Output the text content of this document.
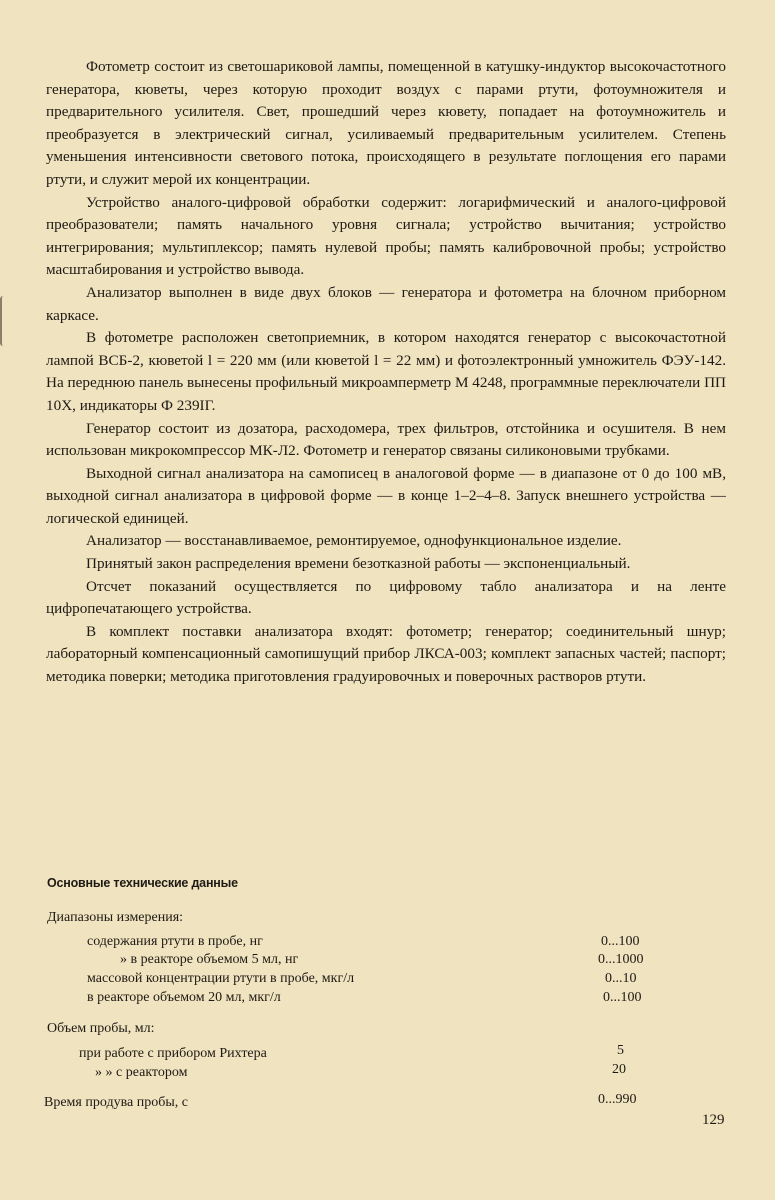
Фотометр состоит из светошариковой лампы, помещенной в катушку-индуктор высокочастотного генератора, кюветы, через которую проходит воздух с парами ртути, фотоумножителя и предварительного усилителя. Свет, прошедший через кювету, попадает на фотоумножитель и преобразуется в электрический сигнал, усиливаемый предварительным усилителем. Степень уменьшения интенсивности светового потока, происходящего в результате поглощения его парами ртути, и служит мерой их концентрации.

Устройство аналого-цифровой обработки содержит: логарифмический и аналого-цифровой преобразователи; память начального уровня сигнала; устройство вычитания; устройство интегрирования; мультиплексор; память нулевой пробы; память калибровочной пробы; устройство масштабирования и устройство вывода.

Анализатор выполнен в виде двух блоков — генератора и фотометра на блочном приборном каркасе.

В фотометре расположен светоприемник, в котором находятся генератор с высокочастотной лампой ВСБ-2, кюветой l = 220 мм (или кюветой l = 22 мм) и фотоэлектронный умножитель ФЭУ-142. На переднюю панель вынесены профильный микроамперметр М 4248, программные переключатели ПП 10Х, индикаторы Ф 239IГ.

Генератор состоит из дозатора, расходомера, трех фильтров, отстойника и осушителя. В нем использован микрокомпрессор МК-Л2. Фотометр и генератор связаны силиконовыми трубками.

Выходной сигнал анализатора на самописец в аналоговой форме — в диапазоне от 0 до 100 мВ, выходной сигнал анализатора в цифровой форме — в конце 1–2–4–8. Запуск внешнего устройства — логической единицей.

Анализатор — восстанавливаемое, ремонтируемое, однофункциональное изделие.

Принятый закон распределения времени безотказной работы — экспоненциальный.

Отсчет показаний осуществляется по цифровому табло анализатора и на ленте цифропечатающего устройства.

В комплект поставки анализатора входят: фотометр; генератор; соединительный шнур; лабораторный компенсационный самопишущий прибор ЛКСА-003; комплект запасных частей; паспорт; методика поверки; методика приготовления градуировочных и поверочных растворов ртути.

Основные технические данные
Диапазоны измерения:
содержания ртути в пробе, нг	0...100
» в реакторе объемом 5 мл, нг	0...1000
массовой концентрации ртути в пробе, мкг/л	0...10
в реакторе объемом 20 мл, мкг/л	0...100
Объем пробы, мл:
при работе с прибором Рихтера	5
» » с реактором	20
Время продува пробы, с	0...990
129
